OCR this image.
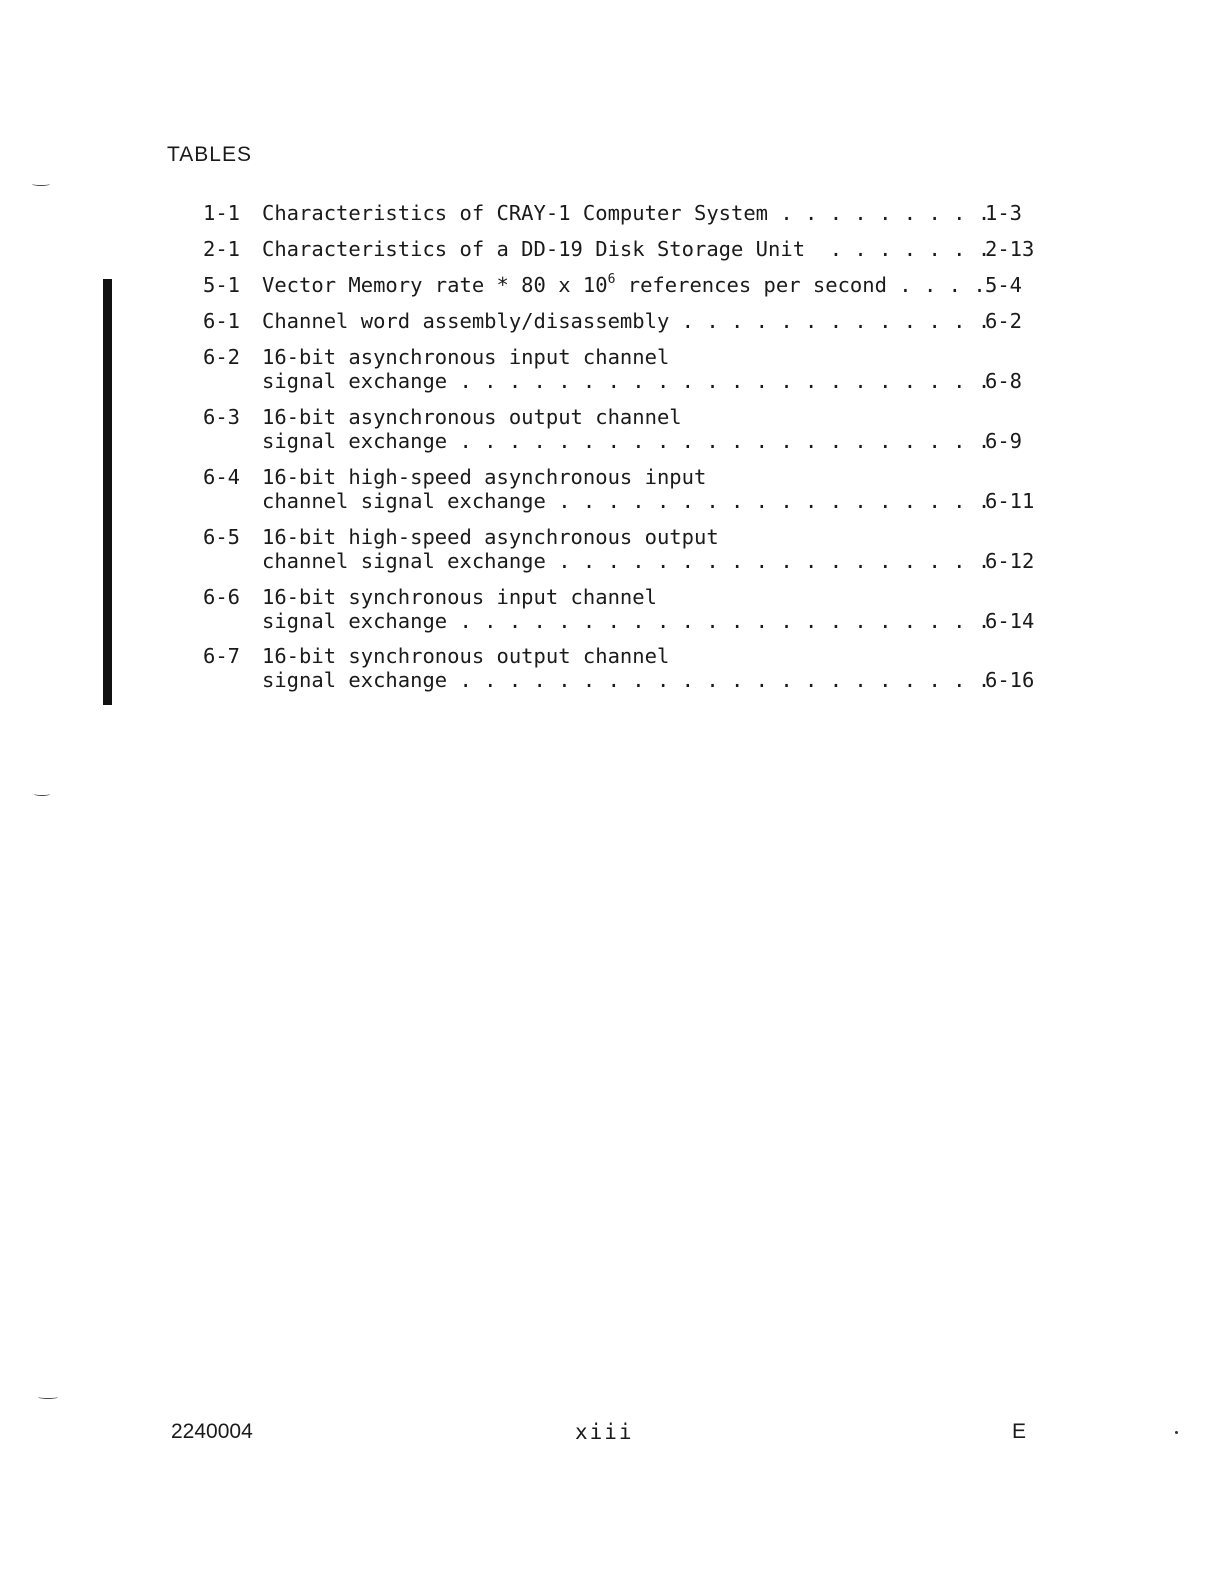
TABLES
1-1 Characteristics of CRAY-1 Computer System . . . . . . . . .
1-3
2-1 Characteristics of a DD-19 Disk Storage Unit  . . . . . . .
2-13
5-1 Vector Memory rate * 80 x $10^6$ references per second . . . . 5-4
6-1 Channel word assembly/disassembly . . . . . . . . . . . . .
6-2
6-2 16-bit asynchronous input channel
signal exchange . . . . . . . . . . . . . . . . . . . . . .
6-8
6-3 16-bit asynchronous output channel
signal exchange . . . . . . . . . . . . . . . . . . . . . .
6-9
6-4 16-bit high-speed asynchronous input
channel signal exchange . . . . . . . . . . . . . . . . . .
6-11
6-5 16-bit high-speed asynchronous output
channel signal exchange . . . . . . . . . . . . . . . . . .
6-12
6-6 16-bit synchronous input channel
signal exchange . . . . . . . . . . . . . . . . . . . . . .
6-14
6-7 16-bit synchronous output channel
signal exchange . . . . . . . . . . . . . . . . . . . . . .
6-16
2240004	xiii	E
